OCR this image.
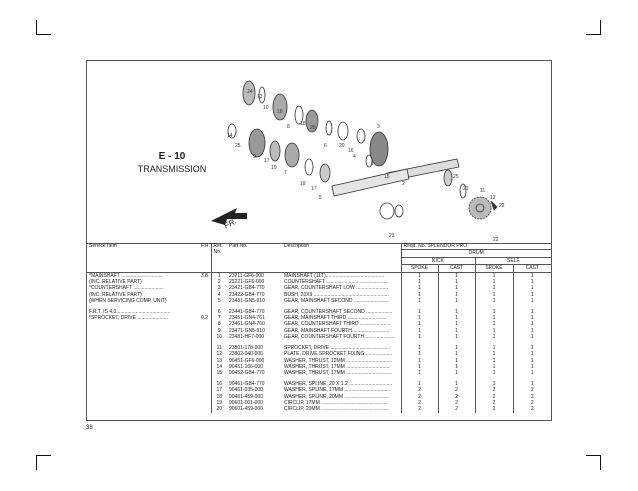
E - 10
TRANSMISSION
FR.
24
13
10
16
18
20
8
14
25
9
17
19
7
6 20
16
4
3
1
19
17
5
15
2
25
21 11
12
22
22
23
Service Item	F.R.T.	Ref. No.	Part No.	Description	Reqd. No. SPLENDOR PRO			
					DRUM			
					KICK		SELF	
					SPOKE	CAST	SPOKE	CAST
*MAINSHAFT ..............................	3.8	1	23211-GF6-000	MAINSHAFT (11T)..........................................	1	1	1	1
(INC. RELATIVE PART)		2	23221-GF6-000	COUNTERSHAFT .............................................	1	1	1	1
*COUNTERSHAFT ......................		3	23421-GB4-770	GEAR, COUNTERSHAFT LOW .......................	1	1	1	1
(INC. RELATIVE PART)		4	23422-GB4-770	BUSH, 20X9 ......................................................	1	1	1	1
(WHEN SERVICING COMP. UNIT)		5	23431-GN5-910	GEAR, MAINSHAFT SECOND .........................	1	1	1	1

F.R.T. IS 4.0.......................................		6	23441-GB4-770	GEAR, COUNTERSHAFT SECOND ...................	1	1	1	1
*SPROCKET, DRIVE ......................	0.2	7	23451-GN4-761	GEAR, MAINSHAFT THIRD ............................	1	1	1	1
		8	23461-GN4-760	GEAR, COUNTERSHAFT THIRD ......................	1	1	1	1
		9	23471-GN5-910	GEAR, MAINSHAFT FOURTH...........................	1	1	1	1
		10	23481-HF7-000	GEAR, COUNTERSHAFT FOURTH .....................	1	1	1	1

		11	23801-178-000	SPROCKET, DRIVE ...........................................	1	1	1	1
		12	23802-040-000	PLATE, DRIVE SPROCKET FIXING ...................	1	1	1	1
		13	90451-GF6-000	WASHER, THRUST, 12MM .................................	1	1	1	1
		14	90451-166-000	WASHER, THRUST, 17MM ...............................	1	1	1	1
		15	90452-GB4-770	WASHER, THRUST, 17MM .................................	1	1	1	1

		16	90461-GB4-770	WASHER, SPLINE, 20 X 1.2 ...............................	1	1	1	1
		17	90461-035-000	WASHER, SPLINE, 17MM .................................	2	2	2	2
		18	90461-459-000	WASHER, SPLINE, 20MM ................................	2	2	2	2
		19	90601-001-000	CIRCLIP, 17MM ................................................	2	2	2	2
		20	90601-459-000	CIRCLIP, 20MM .................................................	2	2	2	2
38
